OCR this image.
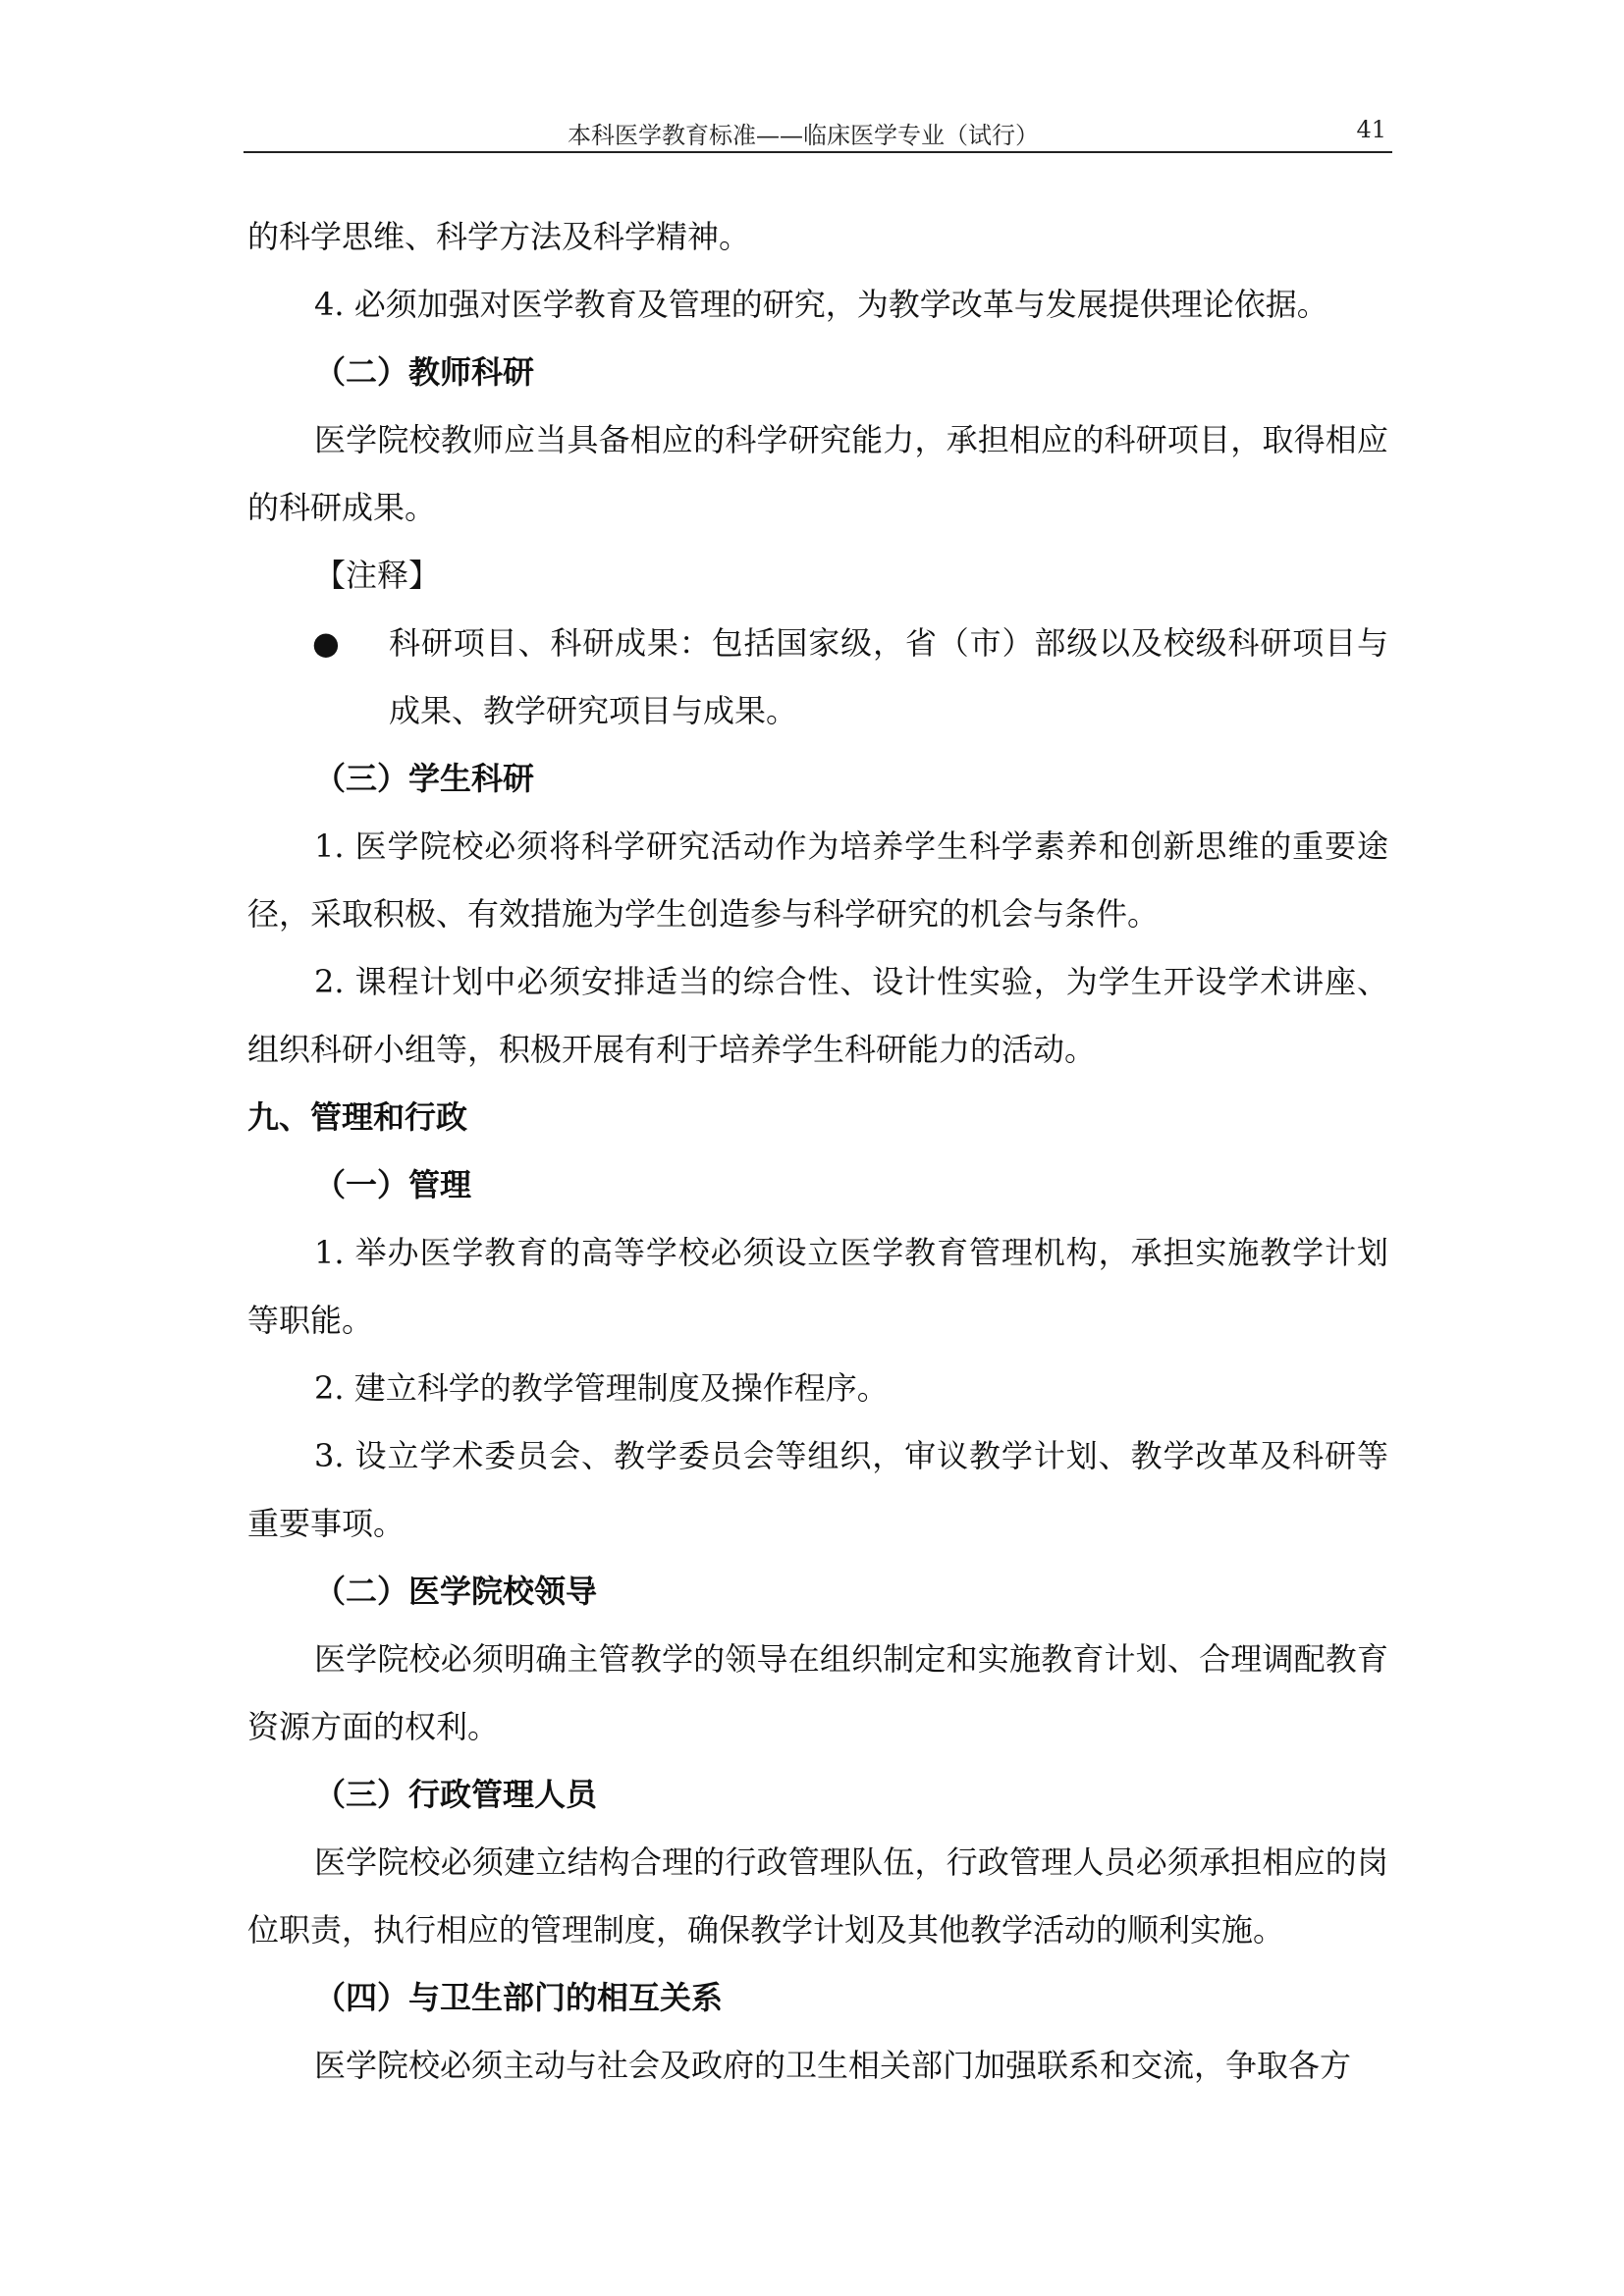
本科医学教育标准——临床医学专业（试行）	41
的科学思维、科学方法及科学精神。
4. 必须加强对医学教育及管理的研究，为教学改革与发展提供理论依据。
（二）教师科研
医学院校教师应当具备相应的科学研究能力，承担相应的科研项目，取得相应的科研成果。
【注释】
● 科研项目、科研成果：包括国家级，省（市）部级以及校级科研项目与成果、教学研究项目与成果。
（三）学生科研
1. 医学院校必须将科学研究活动作为培养学生科学素养和创新思维的重要途径，采取积极、有效措施为学生创造参与科学研究的机会与条件。
2. 课程计划中必须安排适当的综合性、设计性实验，为学生开设学术讲座、组织科研小组等，积极开展有利于培养学生科研能力的活动。
九、管理和行政
（一）管理
1. 举办医学教育的高等学校必须设立医学教育管理机构，承担实施教学计划等职能。
2. 建立科学的教学管理制度及操作程序。
3. 设立学术委员会、教学委员会等组织，审议教学计划、教学改革及科研等重要事项。
（二）医学院校领导
医学院校必须明确主管教学的领导在组织制定和实施教育计划、合理调配教育资源方面的权利。
（三）行政管理人员
医学院校必须建立结构合理的行政管理队伍，行政管理人员必须承担相应的岗位职责，执行相应的管理制度，确保教学计划及其他教学活动的顺利实施。
（四）与卫生部门的相互关系
医学院校必须主动与社会及政府的卫生相关部门加强联系和交流，争取各方
